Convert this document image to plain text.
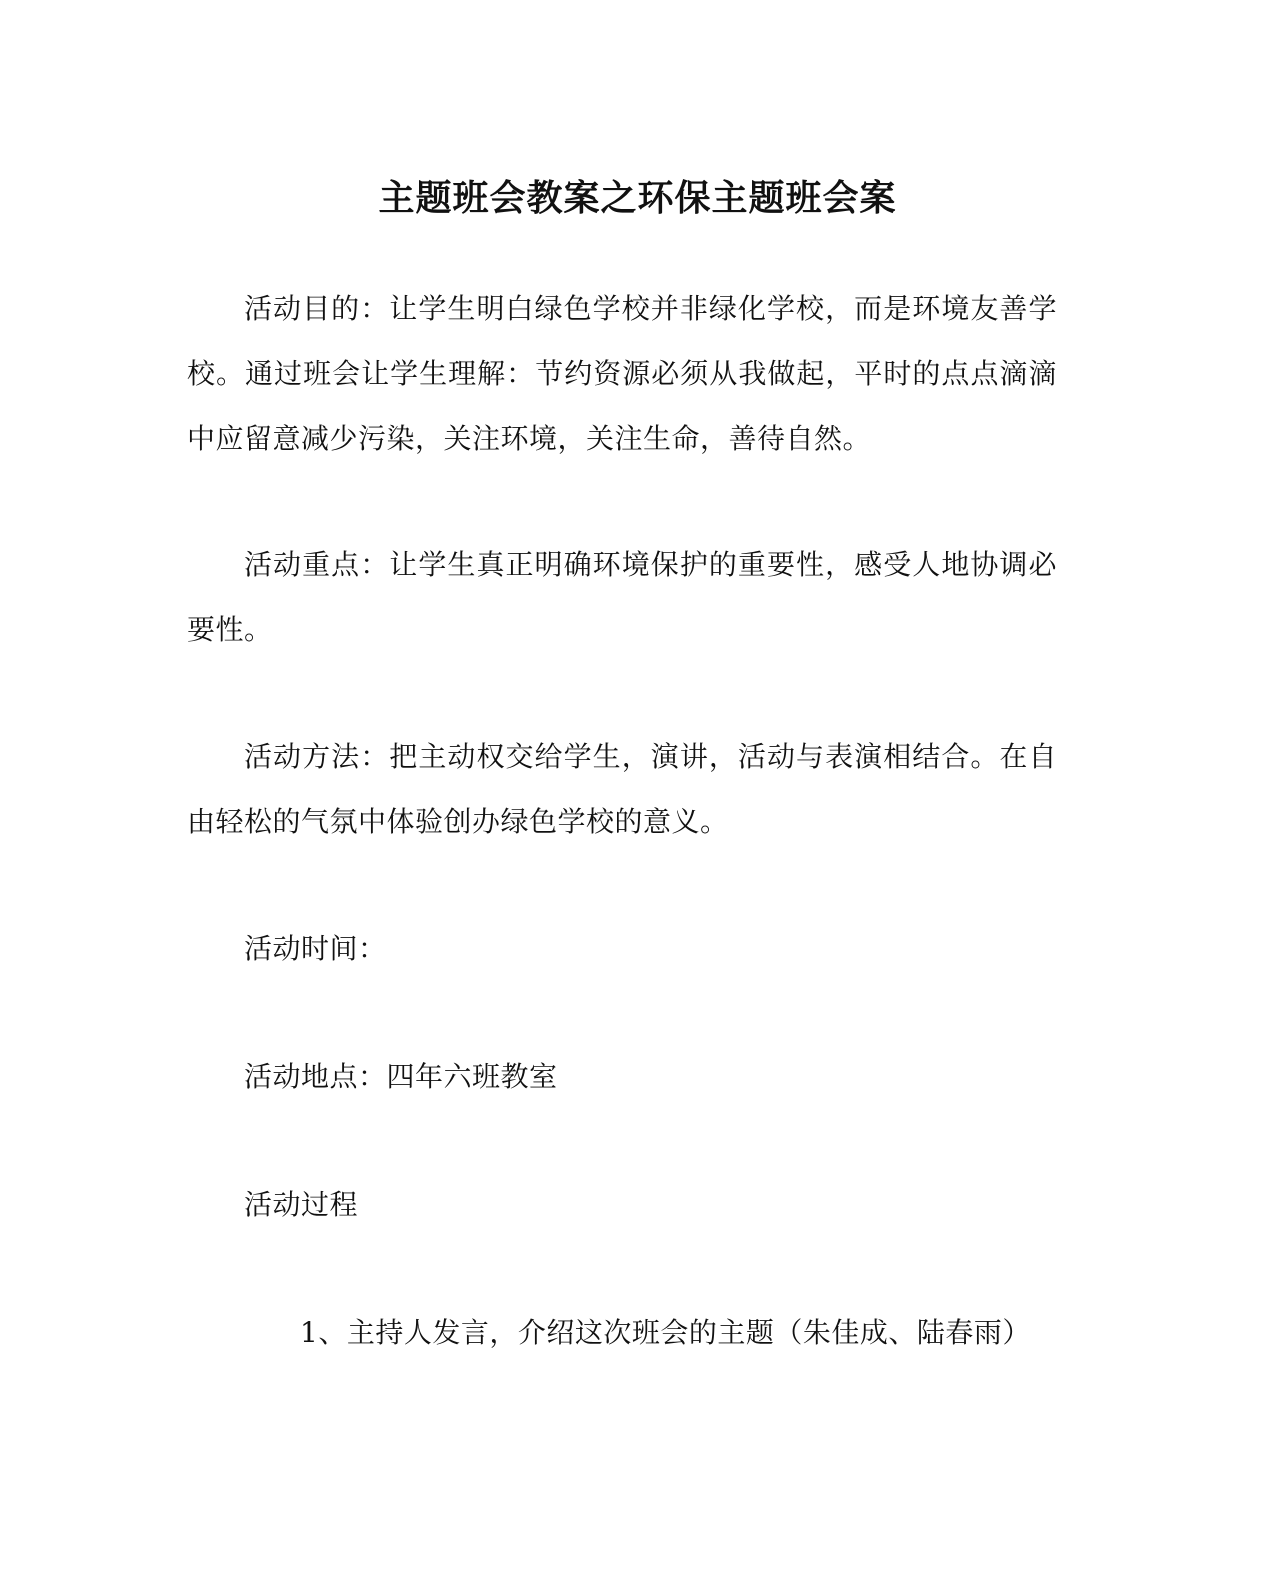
主题班会教案之环保主题班会案

活动目的：让学生明白绿色学校并非绿化学校，而是环境友善学校。通过班会让学生理解：节约资源必须从我做起，平时的点点滴滴中应留意减少污染，关注环境，关注生命，善待自然。

活动重点：让学生真正明确环境保护的重要性，感受人地协调必要性。

活动方法：把主动权交给学生，演讲，活动与表演相结合。在自由轻松的气氛中体验创办绿色学校的意义。

活动时间：

活动地点：四年六班教室

活动过程

1、主持人发言，介绍这次班会的主题（朱佳成、陆春雨）
